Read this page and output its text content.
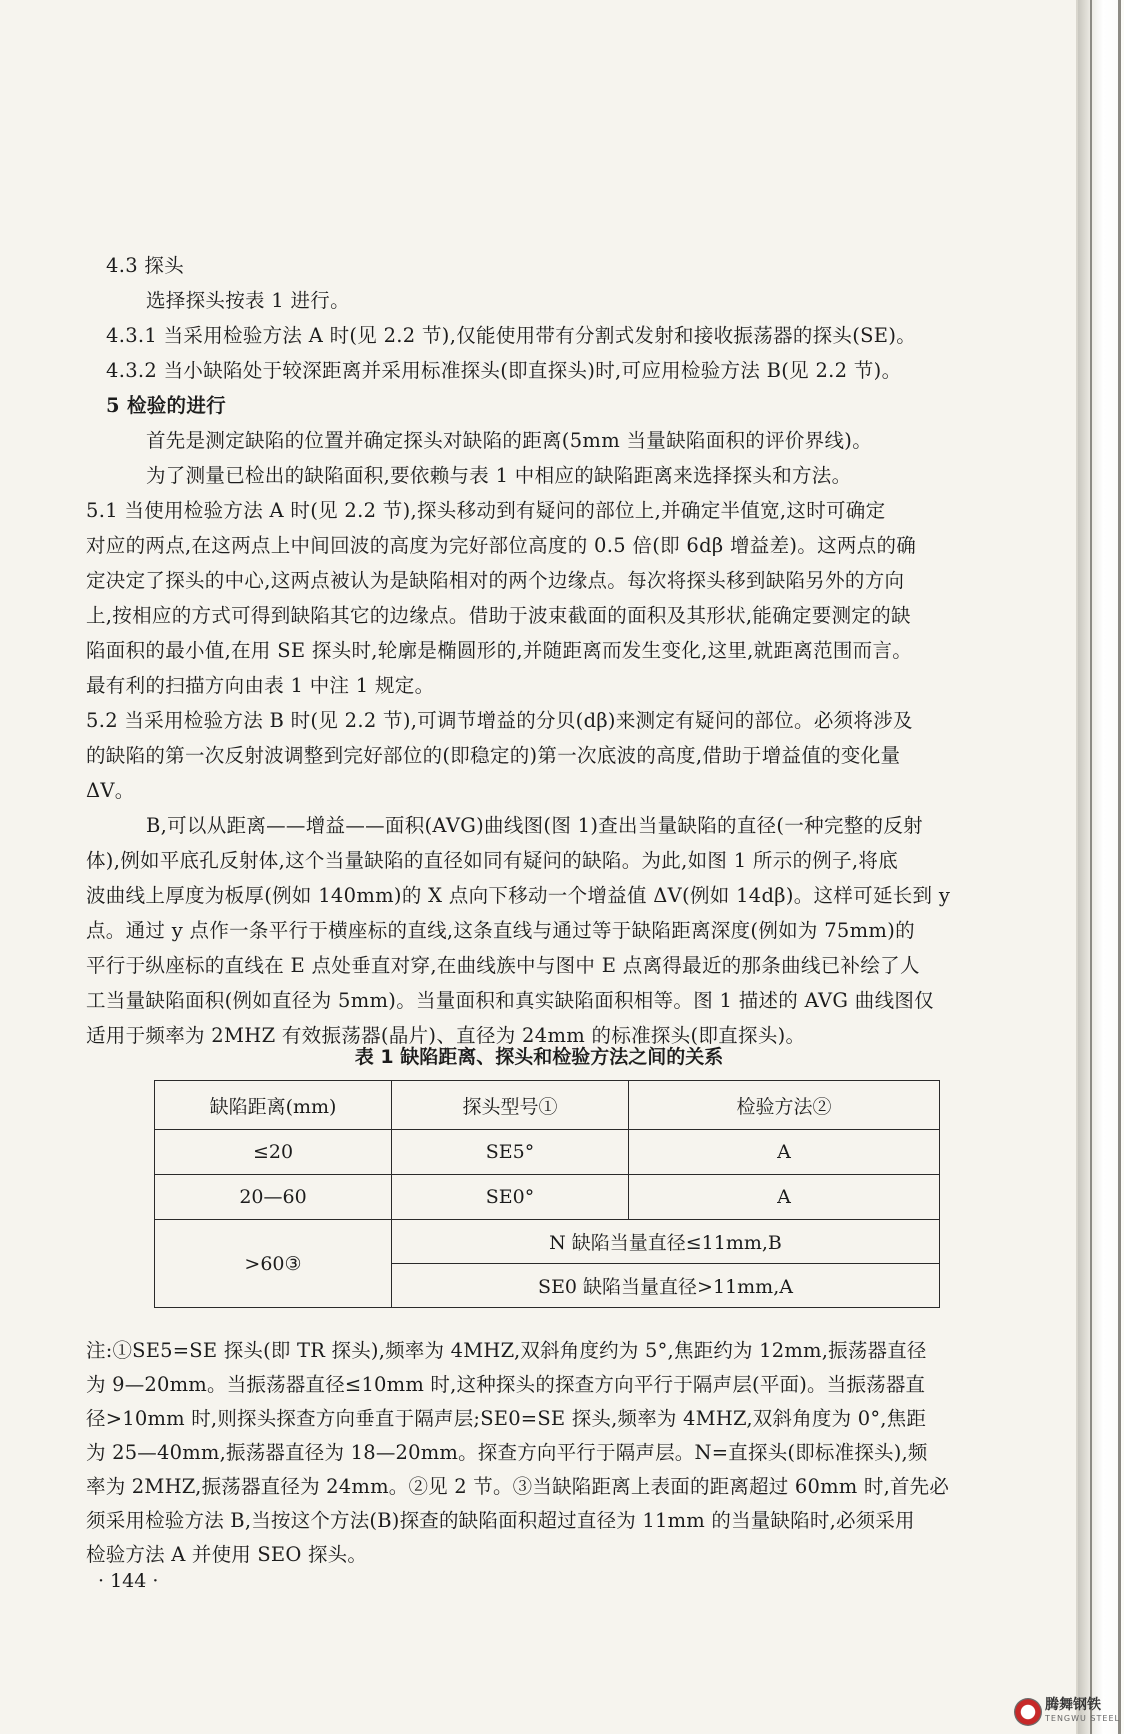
4.3 探头
选择探头按表 1 进行。
4.3.1 当采用检验方法 A 时(见 2.2 节),仅能使用带有分割式发射和接收振荡器的探头(SE)。
4.3.2 当小缺陷处于较深距离并采用标准探头(即直探头)时,可应用检验方法 B(见 2.2 节)。
5 检验的进行
首先是测定缺陷的位置并确定探头对缺陷的距离(5mm 当量缺陷面积的评价界线)。
为了测量已检出的缺陷面积,要依赖与表 1 中相应的缺陷距离来选择探头和方法。
5.1 当使用检验方法 A 时(见 2.2 节),探头移动到有疑问的部位上,并确定半值宽,这时可确定
对应的两点,在这两点上中间回波的高度为完好部位高度的 0.5 倍(即 6dβ 增益差)。这两点的确
定决定了探头的中心,这两点被认为是缺陷相对的两个边缘点。每次将探头移到缺陷另外的方向
上,按相应的方式可得到缺陷其它的边缘点。借助于波束截面的面积及其形状,能确定要测定的缺
陷面积的最小值,在用 SE 探头时,轮廓是椭圆形的,并随距离而发生变化,这里,就距离范围而言。
最有利的扫描方向由表 1 中注 1 规定。
5.2 当采用检验方法 B 时(见 2.2 节),可调节增益的分贝(dβ)来测定有疑问的部位。必须将涉及
的缺陷的第一次反射波调整到完好部位的(即稳定的)第一次底波的高度,借助于增益值的变化量
ΔV。
B,可以从距离——增益——面积(AVG)曲线图(图 1)查出当量缺陷的直径(一种完整的反射
体),例如平底孔反射体,这个当量缺陷的直径如同有疑问的缺陷。为此,如图 1 所示的例子,将底
波曲线上厚度为板厚(例如 140mm)的 X 点向下移动一个增益值 ΔV(例如 14dβ)。这样可延长到 y
点。通过 y 点作一条平行于横座标的直线,这条直线与通过等于缺陷距离深度(例如为 75mm)的
平行于纵座标的直线在 E 点处垂直对穿,在曲线族中与图中 E 点离得最近的那条曲线已补绘了人
工当量缺陷面积(例如直径为 5mm)。当量面积和真实缺陷面积相等。图 1 描述的 AVG 曲线图仅
适用于频率为 2MHZ 有效振荡器(晶片)、直径为 24mm 的标准探头(即直探头)。
表 1 缺陷距离、探头和检验方法之间的关系
缺陷距离(mm)	探头型号①	检验方法②
≤20	SE5°	A
20—60	SE0°	A
>60③	N 缺陷当量直径≤11mm,B	
	SE0 缺陷当量直径>11mm,A	
注:①SE5=SE 探头(即 TR 探头),频率为 4MHZ,双斜角度约为 5°,焦距约为 12mm,振荡器直径
为 9—20mm。当振荡器直径≤10mm 时,这种探头的探查方向平行于隔声层(平面)。当振荡器直
径>10mm 时,则探头探查方向垂直于隔声层;SE0=SE 探头,频率为 4MHZ,双斜角度为 0°,焦距
为 25—40mm,振荡器直径为 18—20mm。探查方向平行于隔声层。N=直探头(即标准探头),频
率为 2MHZ,振荡器直径为 24mm。②见 2 节。③当缺陷距离上表面的距离超过 60mm 时,首先必
须采用检验方法 B,当按这个方法(B)探查的缺陷面积超过直径为 11mm 的当量缺陷时,必须采用
检验方法 A 并使用 SEO 探头。
· 144 ·
腾舞钢铁
TENGWU STEEL
